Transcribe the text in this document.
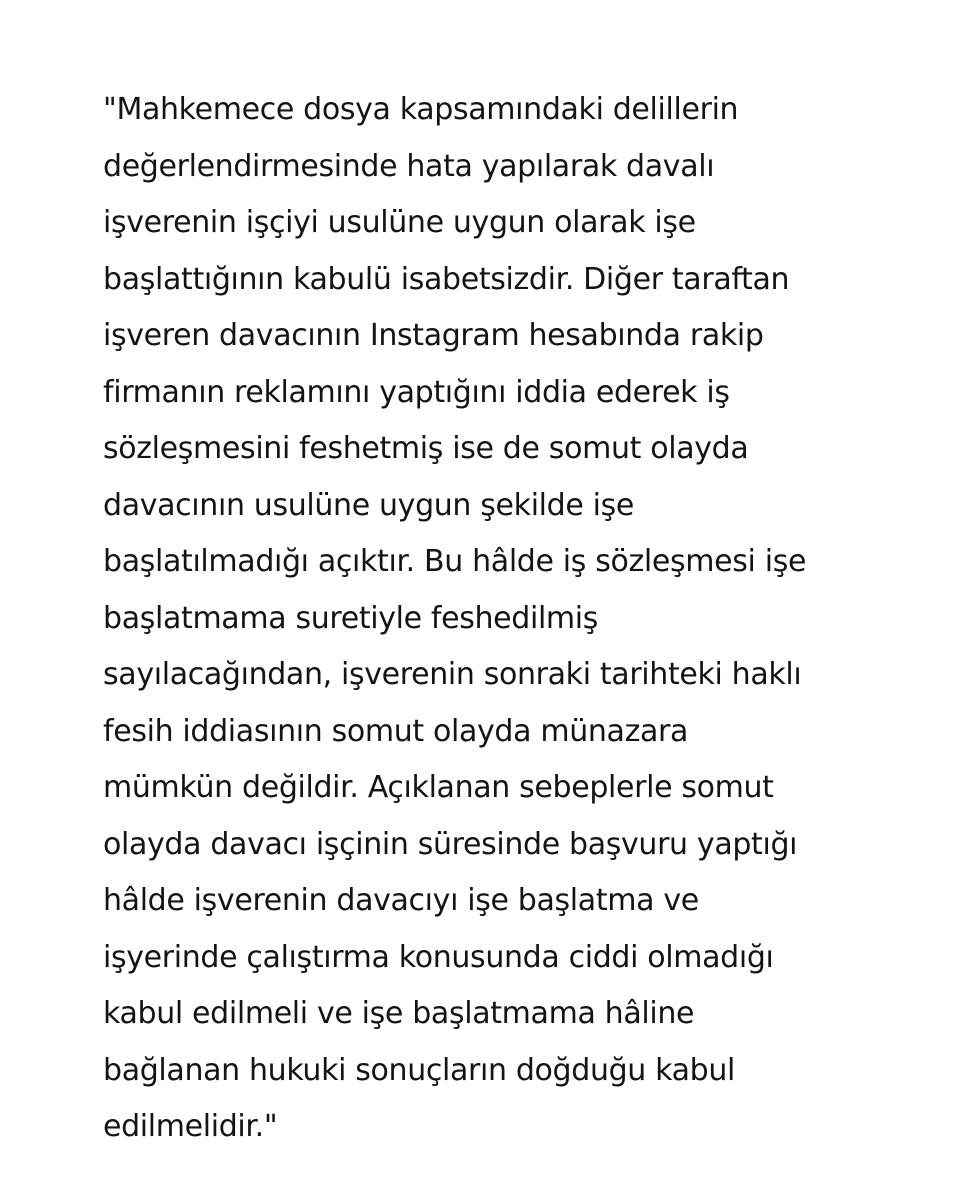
"Mahkemece dosya kapsamındaki delillerin
değerlendirmesinde hata yapılarak davalı
işverenin işçiyi usulüne uygun olarak işe
başlattığının kabulü isabetsizdir. Diğer taraftan
işveren davacının Instagram hesabında rakip
firmanın reklamını yaptığını iddia ederek iş
sözleşmesini feshetmiş ise de somut olayda
davacının usulüne uygun şekilde işe
başlatılmadığı açıktır. Bu hâlde iş sözleşmesi işe
başlatmama suretiyle feshedilmiş
sayılacağından, işverenin sonraki tarihteki haklı
fesih iddiasının somut olayda münazara
mümkün değildir. Açıklanan sebeplerle somut
olayda davacı işçinin süresinde başvuru yaptığı
hâlde işverenin davacıyı işe başlatma ve
işyerinde çalıştırma konusunda ciddi olmadığı
kabul edilmeli ve işe başlatmama hâline
bağlanan hukuki sonuçların doğduğu kabul
edilmelidir."
